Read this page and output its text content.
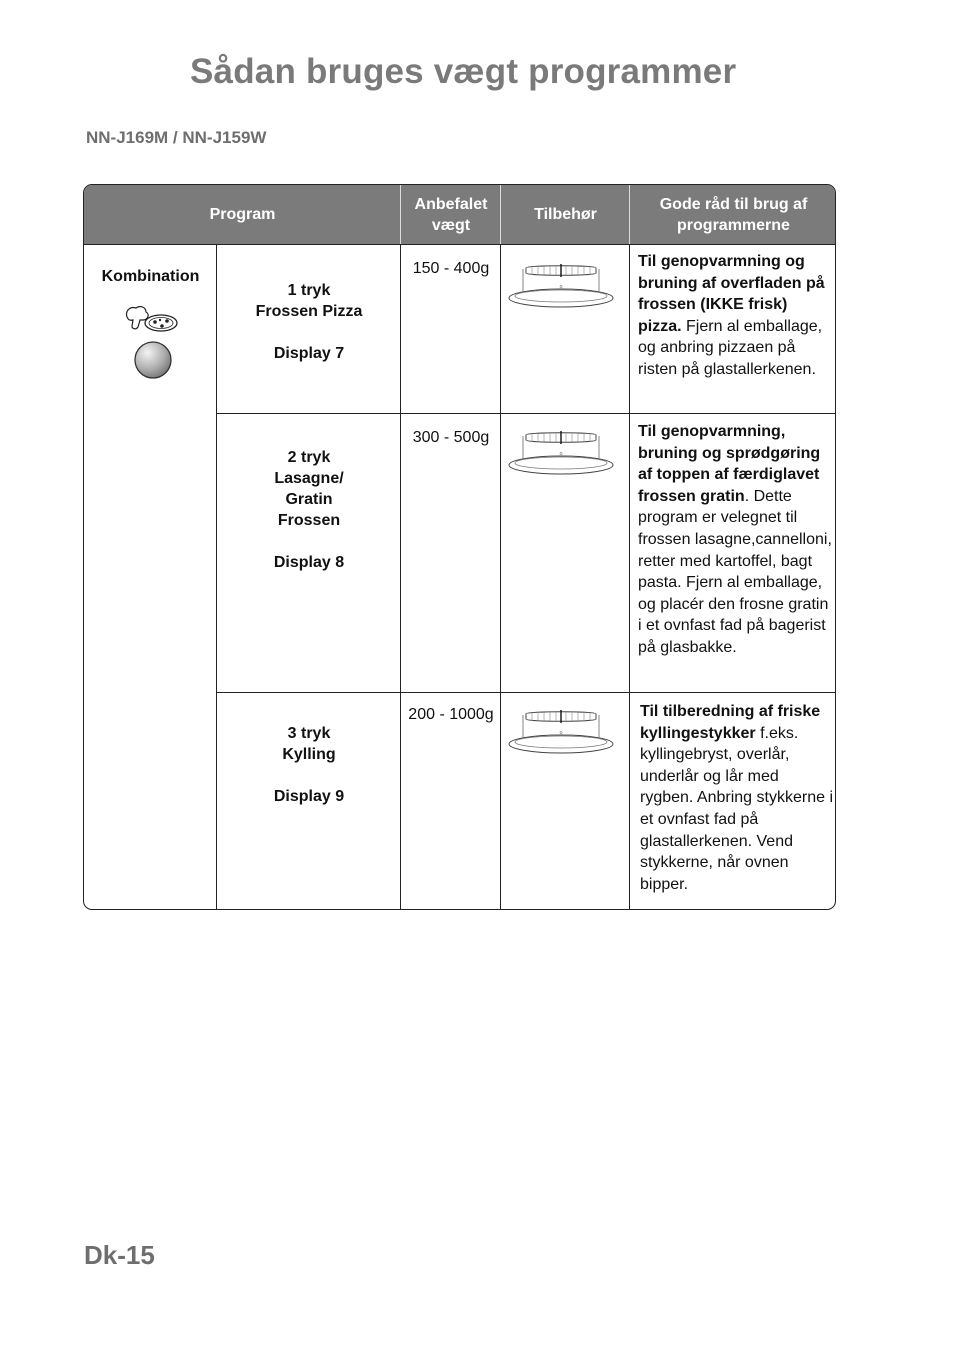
Sådan bruges vægt programmer
NN-J169M / NN-J159W
Program
Anbefalet vægt
Tilbehør
Gode råd til brug af programmerne
Kombination
1 tryk
Frossen Pizza
Display 7
150 - 400g
o
Til genopvarmning og bruning af overfladen på frossen (IKKE frisk) pizza. Fjern al emballage, og anbring pizzaen på risten på glastallerkenen.
2 tryk
Lasagne/ Gratin Frossen
Display 8
300 - 500g
o
Til genopvarmning, bruning og sprødgøring af toppen af færdiglavet frossen gratin. Dette program er velegnet til frossen lasagne,cannelloni, retter med kartoffel, bagt pasta. Fjern al emballage, og placér den frosne gratin i et ovnfast fad på bagerist på glasbakke.
3 tryk
Kylling
Display 9
200 - 1000g
o
Til tilberedning af friske kyllingestykker f.eks. kyllingebryst, overlår, underlår og lår med rygben. Anbring stykkerne i et ovnfast fad på glastallerkenen. Vend stykkerne, når ovnen bipper.
Dk-15
